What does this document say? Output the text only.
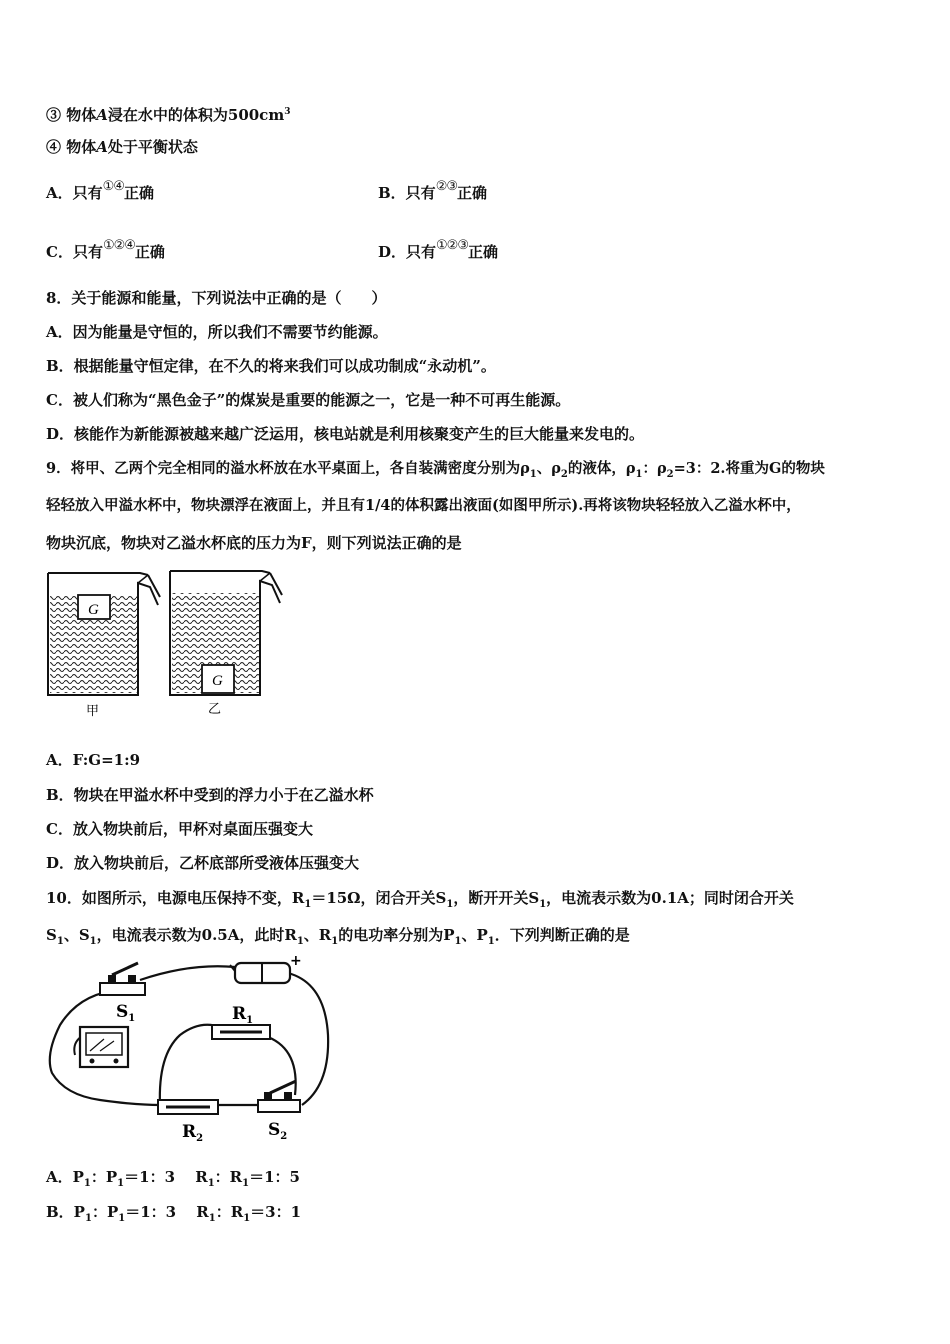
③ 物体A浸在水中的体积为$500cm^3$
④ 物体A处于平衡状态
A．只有①④正确	B．只有②③正确
C．只有①②④正确	D．只有①②③正确
8．关于能源和能量，下列说法中正确的是（　　）
A．因为能量是守恒的，所以我们不需要节约能源。
B．根据能量守恒定律，在不久的将来我们可以成功制成“永动机”。
C．被人们称为“黑色金子”的煤炭是重要的能源之一，它是一种不可再生能源。
D．核能作为新能源被越来越广泛运用，核电站就是利用核聚变产生的巨大能量来发电的。
9．将甲、乙两个完全相同的溢水杯放在水平桌面上，各自装满密度分别为$\rho_1$、$\rho_2$的液体，$\rho_1$：$\rho_2=3$：2.将重为G的物块
轻轻放入甲溢水杯中，物块漂浮在液面上，并且有1/4的体积露出液面(如图甲所示).再将该物块轻轻放入乙溢水杯中，
物块沉底，物块对乙溢水杯底的压力为F，则下列说法正确的是
G
G
甲	乙
A．F:G=1:9
B．物块在甲溢水杯中受到的浮力小于在乙溢水杯
C．放入物块前后，甲杯对桌面压强变大
D．放入物块前后，乙杯底部所受液体压强变大
10．如图所示，电源电压保持不变，$R_1=15\Omega$，闭合开关$S_1$，断开开关$S_1$，电流表示数为0.1A；同时闭合开关
$S_1$、$S_1$，电流表示数为0.5A，此时$R_1$、$R_1$的电功率分别为$P_1$、$P_1$．下列判断正确的是
+
$S_1$	$R_1$
$R_2$	$S_2$
A．$P_1$：$P_1=1$：3　 $R_1$：$R_1=1$：5
B．$P_1$：$P_1=1$：3　 $R_1$：$R_1=3$：1
